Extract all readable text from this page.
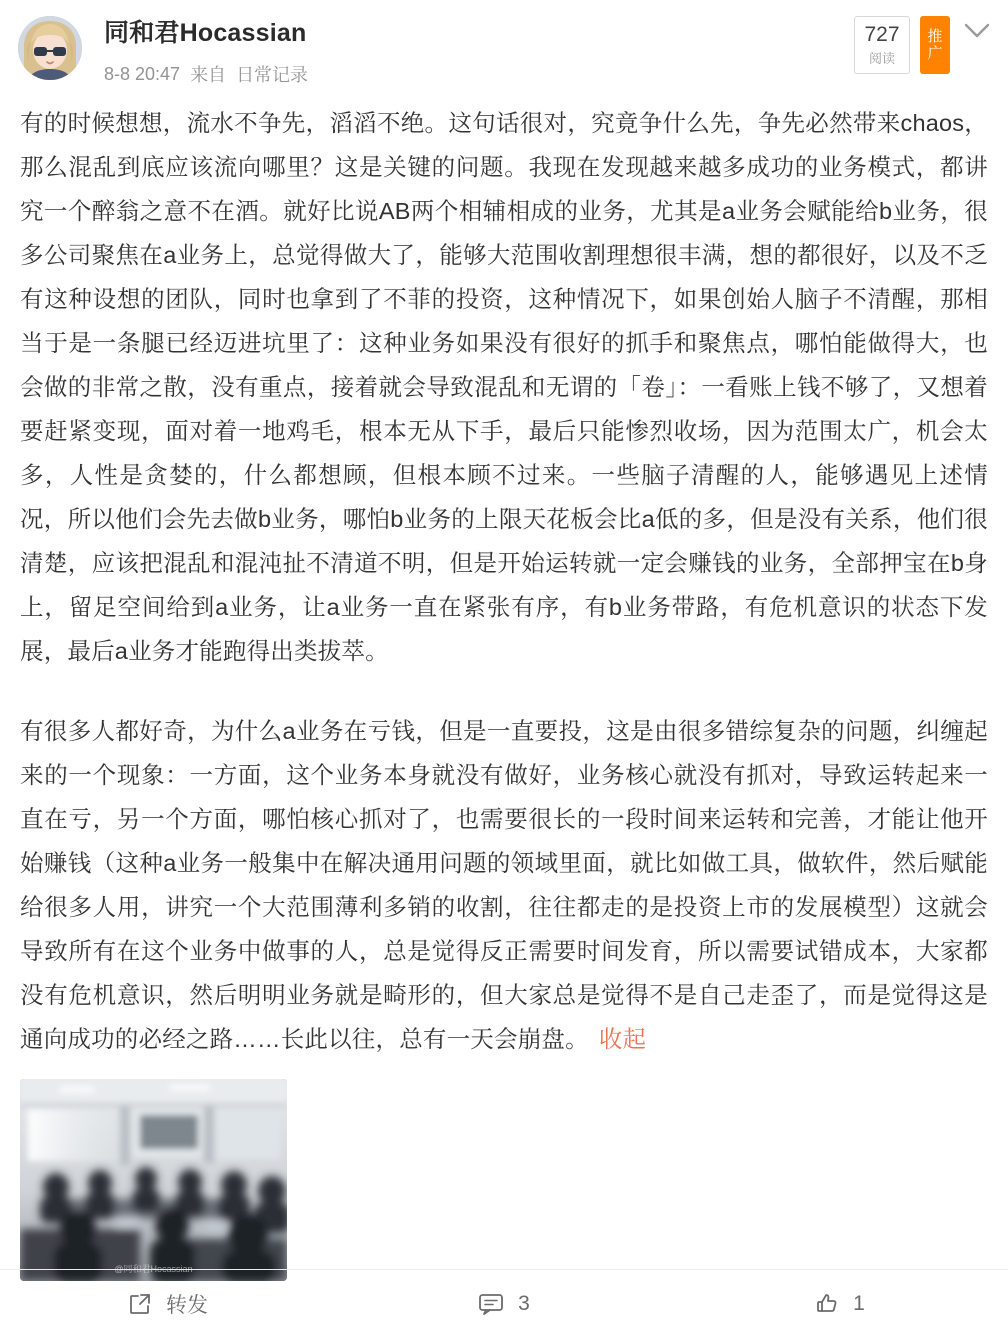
同和君Hocassian
8-8 20:47 来自 日常记录
727
阅读
推
广

有的时候想想，流水不争先，滔滔不绝。这句话很对，究竟争什么先，争先必然带来chaos，那么混乱到底应该流向哪里？这是关键的问题。我现在发现越来越多成功的业务模式，都讲究一个醉翁之意不在酒。就好比说AB两个相辅相成的业务，尤其是a业务会赋能给b业务，很多公司聚焦在a业务上，总觉得做大了，能够大范围收割理想很丰满，想的都很好，以及不乏有这种设想的团队，同时也拿到了不菲的投资，这种情况下，如果创始人脑子不清醒，那相当于是一条腿已经迈进坑里了：这种业务如果没有很好的抓手和聚焦点，哪怕能做得大，也会做的非常之散，没有重点，接着就会导致混乱和无谓的「卷」：一看账上钱不够了，又想着要赶紧变现，面对着一地鸡毛，根本无从下手，最后只能惨烈收场，因为范围太广，机会太多，人性是贪婪的，什么都想顾，但根本顾不过来。一些脑子清醒的人，能够遇见上述情况，所以他们会先去做b业务，哪怕b业务的上限天花板会比a低的多，但是没有关系，他们很清楚，应该把混乱和混沌扯不清道不明，但是开始运转就一定会赚钱的业务，全部押宝在b身上，留足空间给到a业务，让a业务一直在紧张有序，有b业务带路，有危机意识的状态下发展，最后a业务才能跑得出类拔萃。

有很多人都好奇，为什么a业务在亏钱，但是一直要投，这是由很多错综复杂的问题，纠缠起来的一个现象：一方面，这个业务本身就没有做好，业务核心就没有抓对，导致运转起来一直在亏，另一个方面，哪怕核心抓对了，也需要很长的一段时间来运转和完善，才能让他开始赚钱（这种a业务一般集中在解决通用问题的领域里面，就比如做工具，做软件，然后赋能给很多人用，讲究一个大范围薄利多销的收割，往往都走的是投资上市的发展模型）这就会导致所有在这个业务中做事的人，总是觉得反正需要时间发育，所以需要试错成本，大家都没有危机意识，然后明明业务就是畸形的，但大家总是觉得不是自己走歪了，而是觉得这是通向成功的必经之路……长此以往，总有一天会崩盘。 收起

@同和君Hocassian
转发	3	1
